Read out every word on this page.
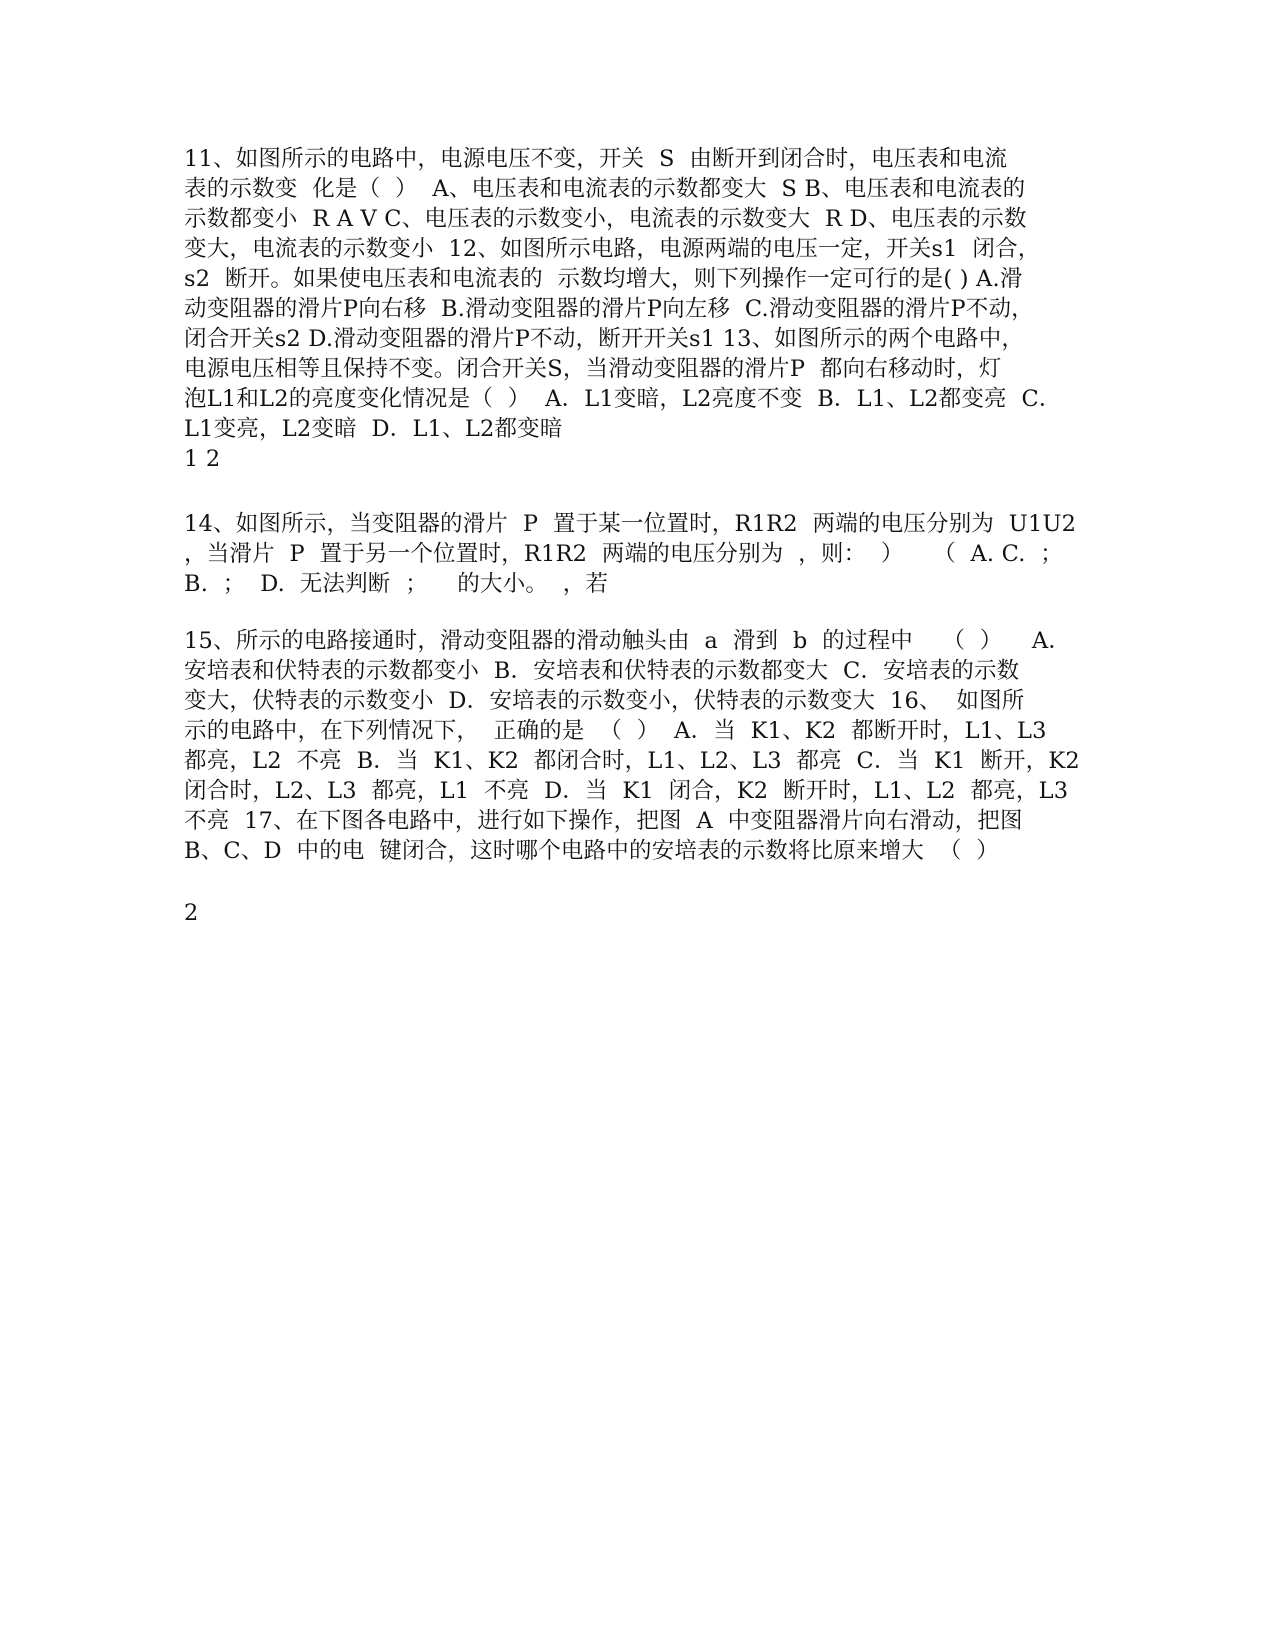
11、如图所示的电路中，电源电压不变，开关  S  由断开到闭合时，电压表和电流
表的示数变  化是（  ）  A、电压表和电流表的示数都变大  S B、电压表和电流表的
示数都变小  R A V C、电压表的示数变小，电流表的示数变大  R D、电压表的示数
变大，电流表的示数变小  12、如图所示电路，电源两端的电压一定，开关s1  闭合，
s2  断开。如果使电压表和电流表的  示数均增大，则下列操作一定可行的是( ) A.滑
动变阻器的滑片P向右移  B.滑动变阻器的滑片P向左移  C.滑动变阻器的滑片P不动，
闭合开关s2 D.滑动变阻器的滑片P不动，断开开关s1 13、如图所示的两个电路中，
电源电压相等且保持不变。闭合开关S，当滑动变阻器的滑片P  都向右移动时，灯
泡L1和L2的亮度变化情况是（  ）  A．L1变暗，L2亮度不变  B．L1、L2都变亮  C．
L1变亮，L2变暗  D．L1、L2都变暗
1 2
14、如图所示，当变阻器的滑片  P  置于某一位置时，R1R2  两端的电压分别为  U1U2
，当滑片  P  置于另一个位置时，R1R2  两端的电压分别为  ，则：  ）    （  A. C.  ；
B.  ；  D.  无法判断  ；    的大小。  ，若
15、所示的电路接通时，滑动变阻器的滑动触头由  a  滑到  b  的过程中    （  ）    A．
安培表和伏特表的示数都变小  B．安培表和伏特表的示数都变大  C．安培表的示数
变大，伏特表的示数变小  D．安培表的示数变小，伏特表的示数变大  16、  如图所
示的电路中，在下列情况下，  正确的是  （  ）  A．当  K1、K2  都断开时，L1、L3
都亮，L2  不亮  B．当  K1、K2  都闭合时，L1、L2、L3  都亮  C．当  K1  断开，K2
闭合时，L2、L3  都亮，L1  不亮  D．当  K1  闭合，K2  断开时，L1、L2  都亮，L3
不亮  17、在下图各电路中，进行如下操作，把图  A  中变阻器滑片向右滑动，把图
B、C、D  中的电  键闭合，这时哪个电路中的安培表的示数将比原来增大  （  ）
2
